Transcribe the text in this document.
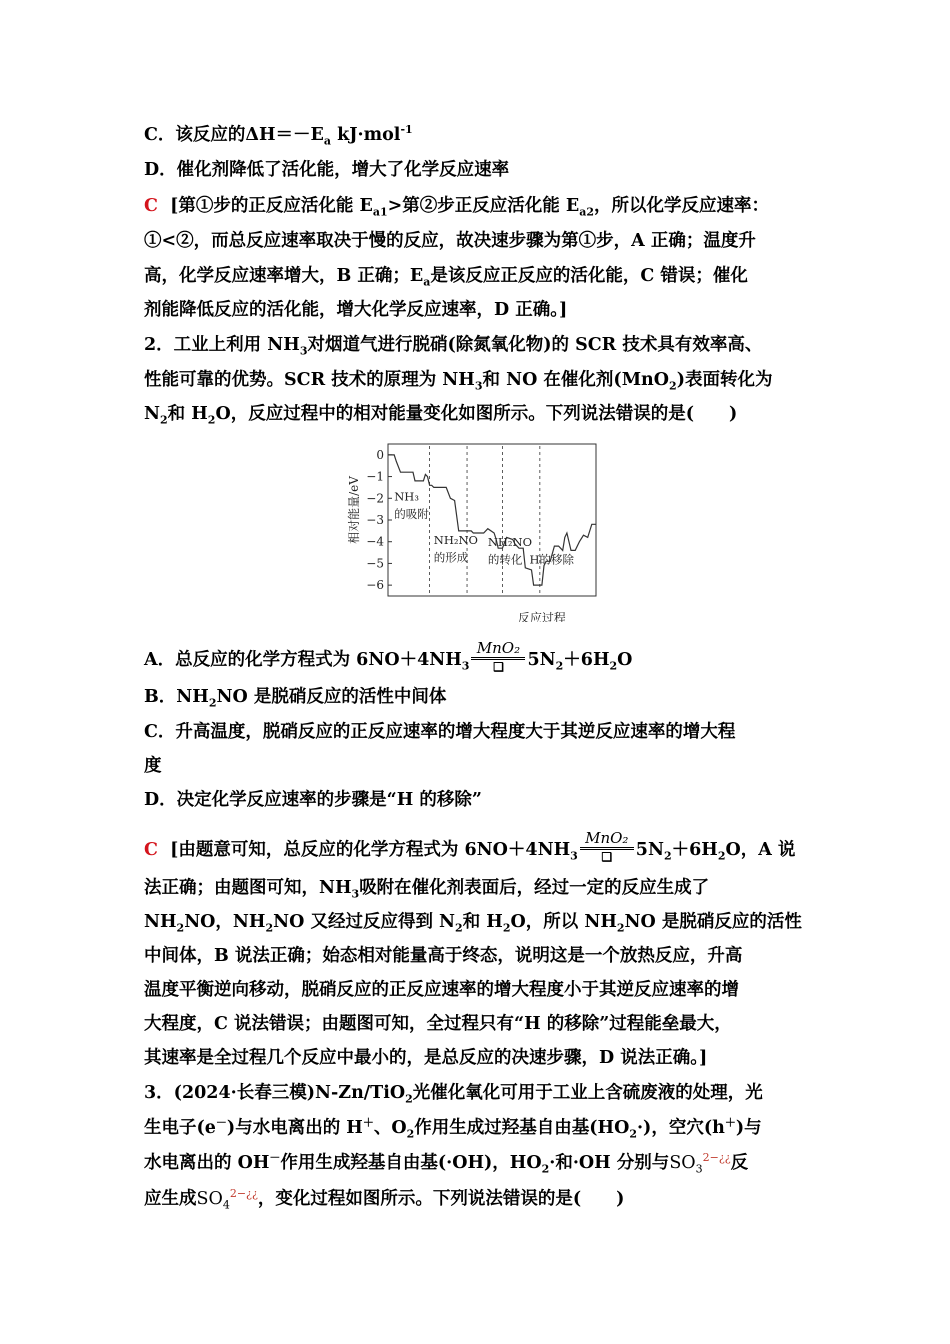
C．该反应的$\Delta H=-E_a$ kJ·mol$^{-1}$
D．催化剂降低了活化能，增大了化学反应速率
C [第①步的正反应活化能 $E_{a1}>$第②步正反应活化能 $E_{a2}$，所以化学反应速率：
①<②，而总反应速率取决于慢的反应，故决速步骤为第①步，A 正确；温度升
高，化学反应速率增大，B 正确；$E_a$是该反应正反应的活化能，C 错误；催化
剂能降低反应的活化能，增大化学反应速率，D 正确。]
2．工业上利用 $NH_3$对烟道气进行脱硝(除氮氧化物)的 SCR 技术具有效率高、
性能可靠的优势。SCR 技术的原理为 $NH_3$和 NO 在催化剂(MnO$_2$)表面转化为
$N_2$和 $H_2O$，反应过程中的相对能量变化如图所示。下列说法错误的是(　　)
0
−1
−2
−3
−4
−5
−6
相对能量/eV
反应过程
NH₃
的吸附
NH₂NO
的形成
NH₂NO
的转化 H的移除
A．总反应的化学方程式为 $6NO+4NH_3 \frac{\text{MnO₂}}{❑} 5N_2+6H_2O$
B．$NH_2NO$ 是脱硝反应的活性中间体
C．升高温度，脱硝反应的正反应速率的增大程度大于其逆反应速率的增大程
度
D．决定化学反应速率的步骤是“H 的移除”
C [由题意可知，总反应的化学方程式为 $6NO+4NH_3 \frac{\text{MnO₂}}{❑} 5N_2+6H_2O$，A 说
法正确；由题图可知，$NH_3$吸附在催化剂表面后，经过一定的反应生成了
$NH_2NO$，$NH_2NO$ 又经过反应得到 $N_2$和 $H_2O$，所以 $NH_2NO$ 是脱硝反应的活性
中间体，B 说法正确；始态相对能量高于终态，说明这是一个放热反应，升高
温度平衡逆向移动，脱硝反应的正反应速率的增大程度小于其逆反应速率的增
大程度，C 说法错误；由题图可知，全过程只有“H 的移除”过程能垒最大，
其速率是全过程几个反应中最小的，是总反应的决速步骤，D 说法正确。]
3．(2024·长春三模)N-Zn/TiO$_2$光催化氧化可用于工业上含硫废液的处理，光
生电子(e－)与水电离出的 H＋、$O_2$作用生成过羟基自由基$(HO_2\cdot)$，空穴(h＋)与
水电离出的 OH－作用生成羟基自由基(·OH)，$HO_2\cdot$和·OH 分别与$SO_3^{2-¿¿}$反
应生成$SO_4^{2-¿¿}$，变化过程如图所示。下列说法错误的是(　　)
